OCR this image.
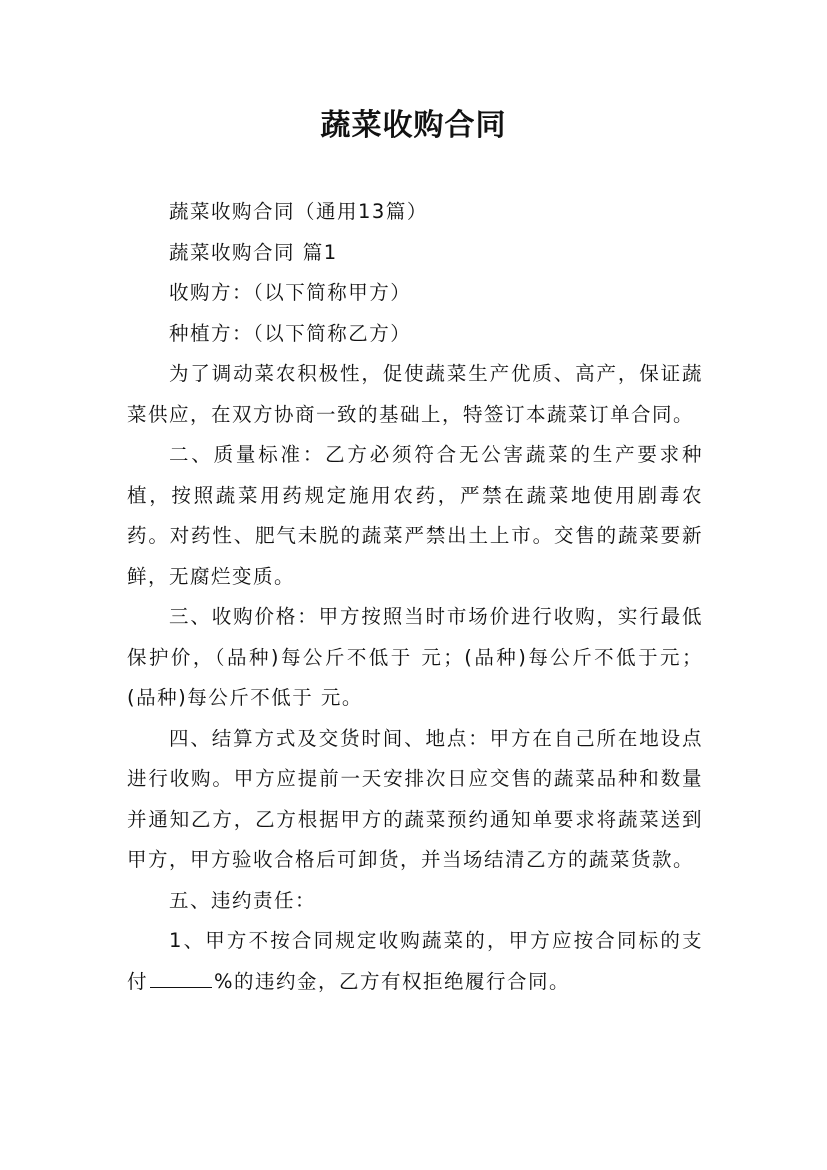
蔬菜收购合同

蔬菜收购合同（通用13篇）

蔬菜收购合同 篇1

收购方：（以下简称甲方）

种植方：（以下简称乙方）

为了调动菜农积极性，促使蔬菜生产优质、高产，保证蔬菜供应，在双方协商一致的基础上，特签订本蔬菜订单合同。

二、质量标准：乙方必须符合无公害蔬菜的生产要求种植，按照蔬菜用药规定施用农药，严禁在蔬菜地使用剧毒农药。对药性、肥气未脱的蔬菜严禁出土上市。交售的蔬菜要新鲜，无腐烂变质。

三、收购价格：甲方按照当时市场价进行收购，实行最低保护价，（品种)每公斤不低于 元；(品种)每公斤不低于元；(品种)每公斤不低于 元。

四、结算方式及交货时间、地点：甲方在自己所在地设点进行收购。甲方应提前一天安排次日应交售的蔬菜品种和数量并通知乙方，乙方根据甲方的蔬菜预约通知单要求将蔬菜送到甲方，甲方验收合格后可卸货，并当场结清乙方的蔬菜货款。

五、违约责任：

1、甲方不按合同规定收购蔬菜的，甲方应按合同标的支付	%的违约金，乙方有权拒绝履行合同。
